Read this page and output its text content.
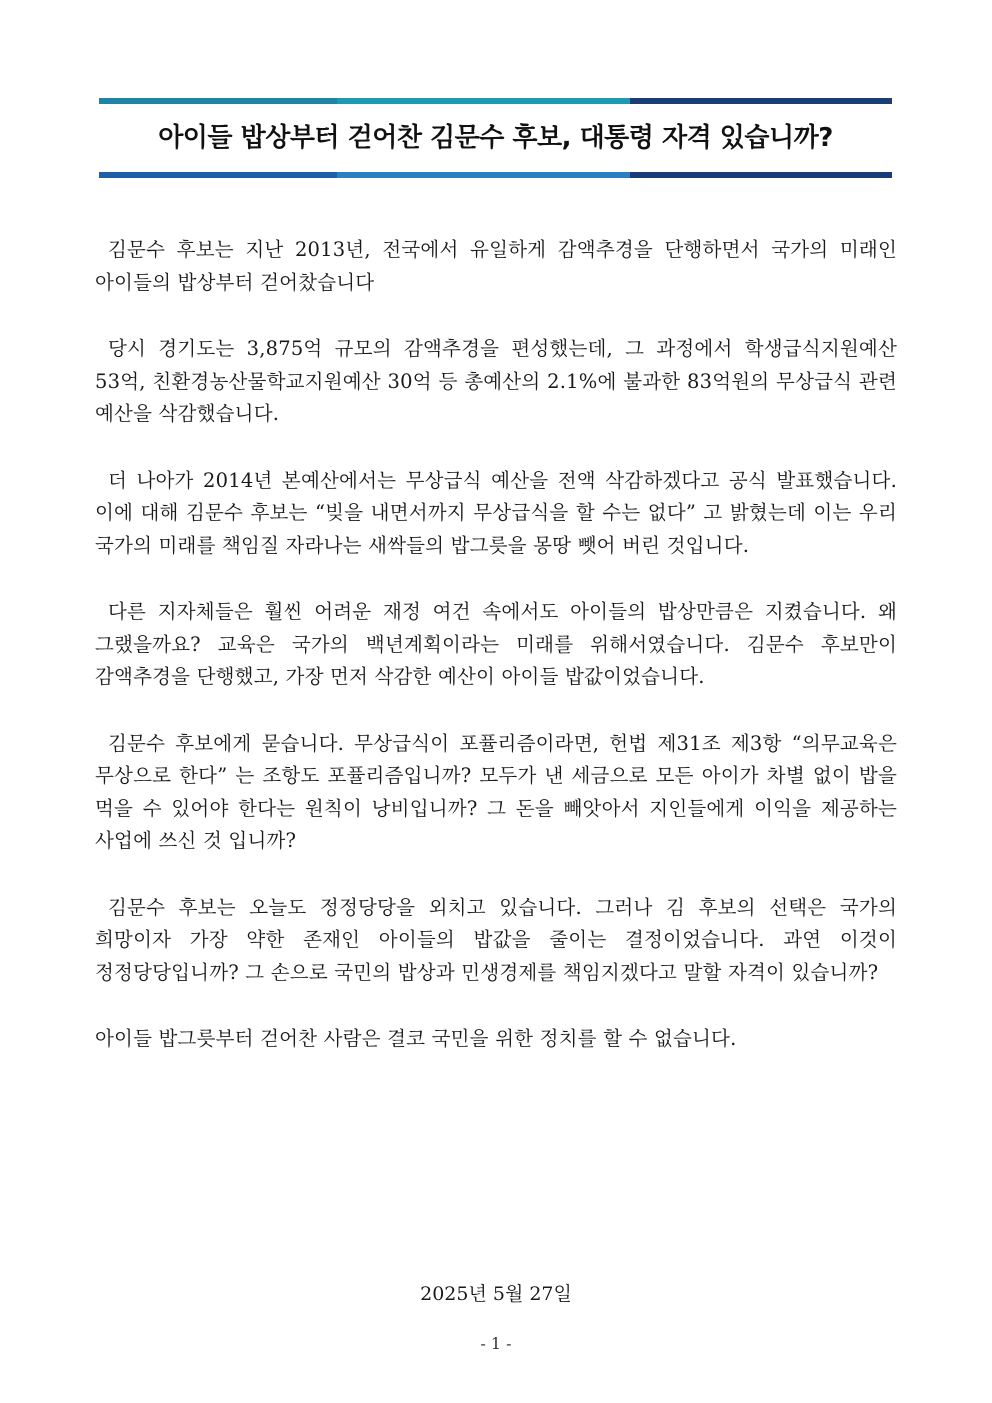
아이들 밥상부터 걷어찬 김문수 후보, 대통령 자격 있습니까?

김문수 후보는 지난 2013년, 전국에서 유일하게 감액추경을 단행하면서 국가의 미래인 아이들의 밥상부터 걷어찼습니다

당시 경기도는 3,875억 규모의 감액추경을 편성했는데, 그 과정에서 학생급식지원예산 53억, 친환경농산물학교지원예산 30억 등 총예산의 2.1%에 불과한 83억원의 무상급식 관련 예산을 삭감했습니다.

더 나아가 2014년 본예산에서는 무상급식 예산을 전액 삭감하겠다고 공식 발표했습니다. 이에 대해 김문수 후보는 “빚을 내면서까지 무상급식을 할 수는 없다” 고 밝혔는데 이는 우리 국가의 미래를 책임질 자라나는 새싹들의 밥그릇을 몽땅 뺏어 버린 것입니다.

다른 지자체들은 훨씬 어려운 재정 여건 속에서도 아이들의 밥상만큼은 지켰습니다. 왜 그랬을까요? 교육은 국가의 백년계획이라는 미래를 위해서였습니다. 김문수 후보만이 감액추경을 단행했고, 가장 먼저 삭감한 예산이 아이들 밥값이었습니다.

김문수 후보에게 묻습니다. 무상급식이 포퓰리즘이라면, 헌법 제31조 제3항 “의무교육은 무상으로 한다” 는 조항도 포퓰리즘입니까? 모두가 낸 세금으로 모든 아이가 차별 없이 밥을 먹을 수 있어야 한다는 원칙이 낭비입니까? 그 돈을 빼앗아서 지인들에게 이익을 제공하는 사업에 쓰신 것 입니까?

김문수 후보는 오늘도 정정당당을 외치고 있습니다. 그러나 김 후보의 선택은 국가의 희망이자 가장 약한 존재인 아이들의 밥값을 줄이는 결정이었습니다. 과연 이것이 정정당당입니까? 그 손으로 국민의 밥상과 민생경제를 책임지겠다고 말할 자격이 있습니까?

아이들 밥그릇부터 걷어찬 사람은 결코 국민을 위한 정치를 할 수 없습니다.

2025년 5월 27일
- 1 -
